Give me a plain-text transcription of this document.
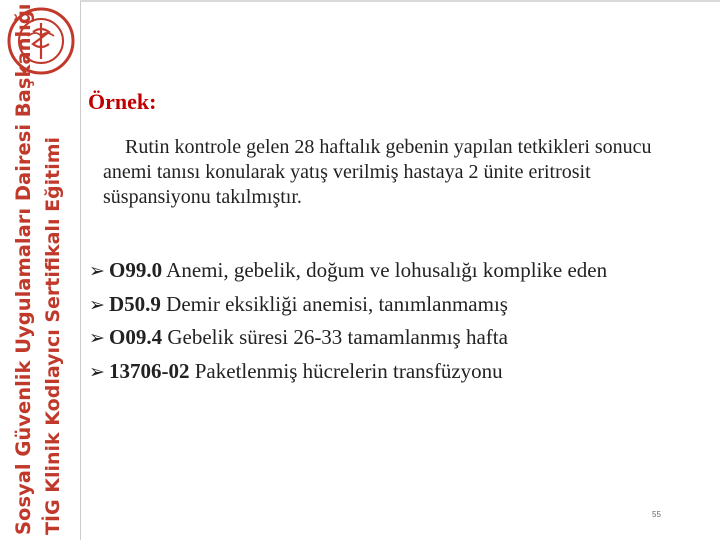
Sosyal Güvenlik Uygulamaları Dairesi Başkanlığı TİG Klinik Kodlayıcı Sertifikalı Eğitimi
Örnek:

Rutin kontrole gelen 28 haftalık gebenin yapılan tetkikleri sonucu anemi tanısı konularak yatış verilmiş hastaya 2 ünite eritrosit süspansiyonu takılmıştır.

➢ O99.0 Anemi, gebelik, doğum ve lohusalığı komplike eden
➢ D50.9 Demir eksikliği anemisi, tanımlanmamış
➢ O09.4 Gebelik süresi 26-33 tamamlanmış hafta
➢ 13706-02 Paketlenmiş hücrelerin transfüzyonu
55
